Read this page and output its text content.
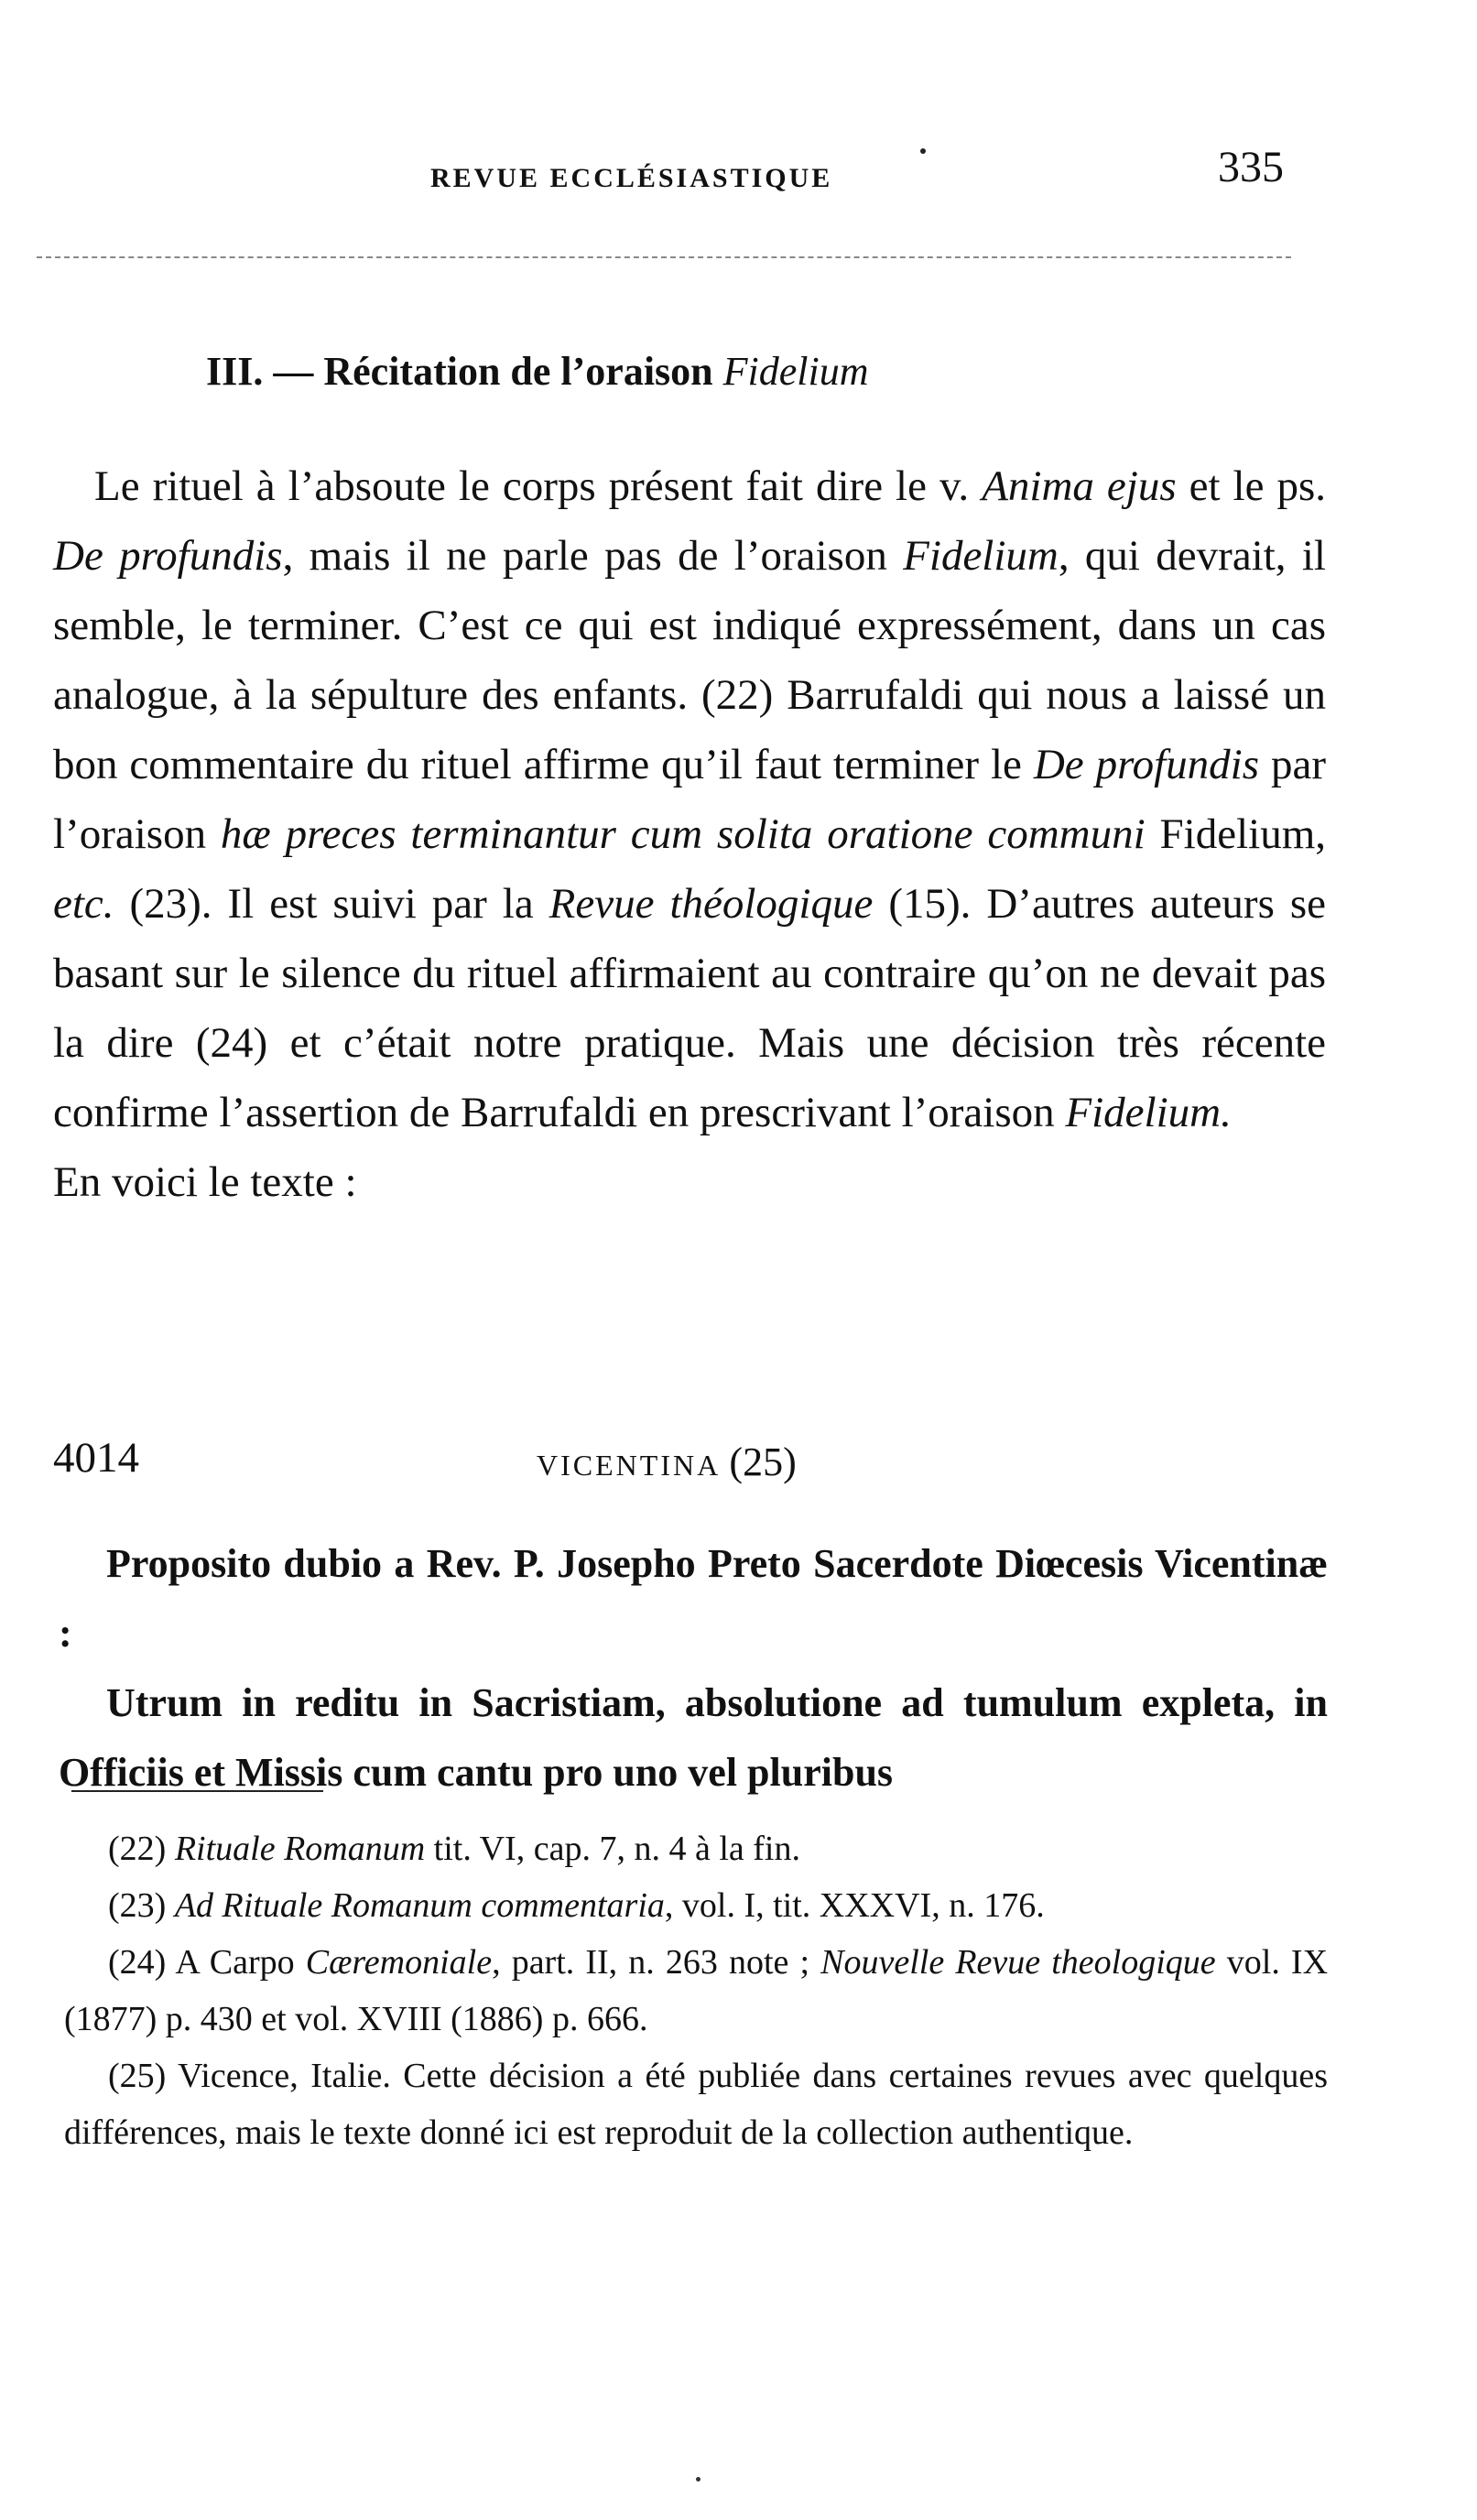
REVUE ECCLÉSIASTIQUE	335
III. — Récitation de l’oraison Fidelium

Le rituel à l’absoute le corps présent fait dire le v. Anima ejus et le ps. De profundis, mais il ne parle pas de l’oraison Fidelium, qui devrait, il semble, le terminer. C’est ce qui est indiqué expressément, dans un cas analogue, à la sépulture des enfants. (22) Barrufaldi qui nous a laissé un bon commentaire du rituel affirme qu’il faut terminer le De profundis par l’oraison hæ preces terminantur cum solita oratione communi Fidelium, etc. (23). Il est suivi par la Revue théologique (15). D’autres auteurs se basant sur le silence du rituel affirmaient au contraire qu’on ne devait pas la dire (24) et c’était notre pratique. Mais une décision très récente confirme l’assertion de Barrufaldi en prescrivant l’oraison Fidelium.

En voici le texte :

4014	VICENTINA (25)

Proposito dubio a Rev. P. Josepho Preto Sacerdote Diœcesis Vicentinæ :

Utrum in reditu in Sacristiam, absolutione ad tumulum expleta, in Officiis et Missis cum cantu pro uno vel pluribus

(22) Rituale Romanum tit. VI, cap. 7, n. 4 à la fin.

(23) Ad Rituale Romanum commentaria, vol. I, tit. XXXVI, n. 176.

(24) A Carpo Cæremoniale, part. II, n. 263 note ; Nouvelle Revue theologique vol. IX (1877) p. 430 et vol. XVIII (1886) p. 666.

(25) Vicence, Italie. Cette décision a été publiée dans certaines revues avec quelques différences, mais le texte donné ici est reproduit de la collection authentique.
